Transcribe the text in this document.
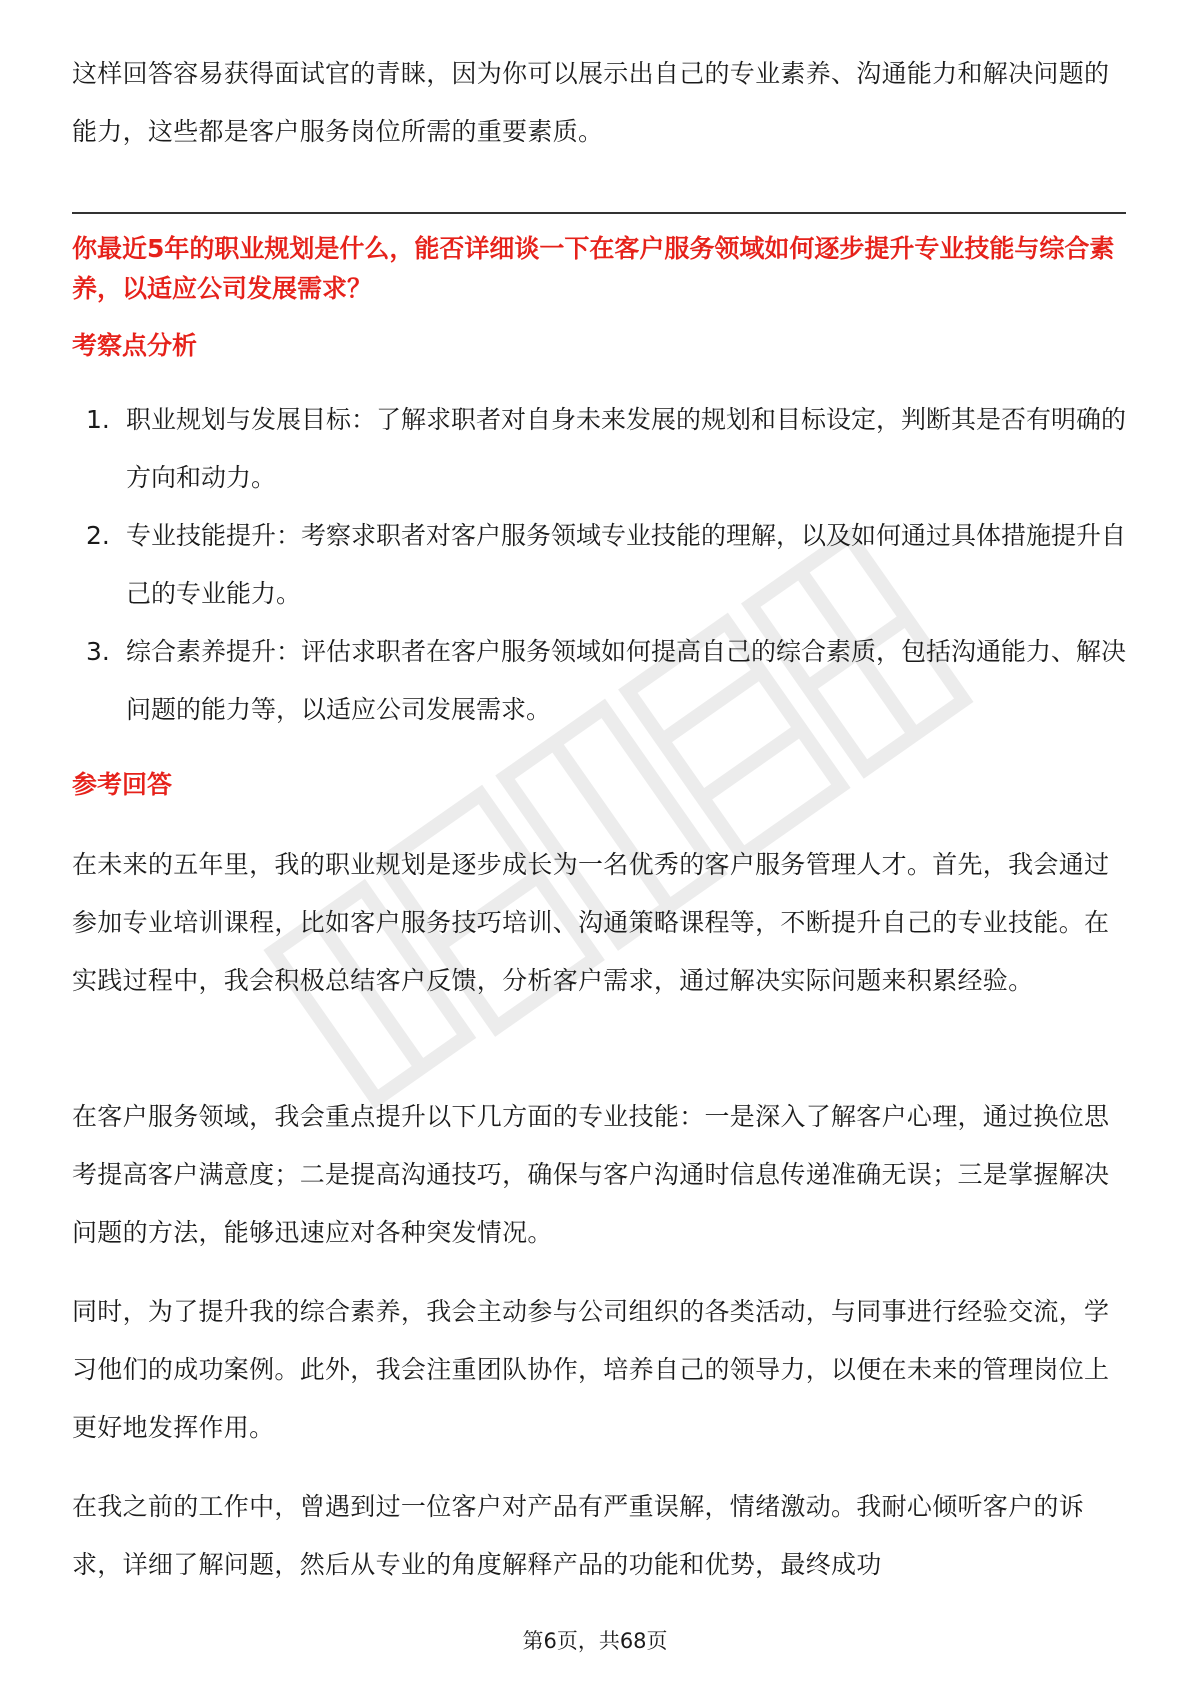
这样回答容易获得面试官的青睐，因为你可以展示出自己的专业素养、沟通能力和解决问题的能力，这些都是客户服务岗位所需的重要素质。

你最近5年的职业规划是什么，能否详细谈一下在客户服务领域如何逐步提升专业技能与综合素养，以适应公司发展需求？

考察点分析

1. 职业规划与发展目标：了解求职者对自身未来发展的规划和目标设定，判断其是否有明确的方向和动力。
2. 专业技能提升：考察求职者对客户服务领域专业技能的理解，以及如何通过具体措施提升自己的专业能力。
3. 综合素养提升：评估求职者在客户服务领域如何提高自己的综合素质，包括沟通能力、解决问题的能力等，以适应公司发展需求。

参考回答

在未来的五年里，我的职业规划是逐步成长为一名优秀的客户服务管理人才。首先，我会通过参加专业培训课程，比如客户服务技巧培训、沟通策略课程等，不断提升自己的专业技能。在实践过程中，我会积极总结客户反馈，分析客户需求，通过解决实际问题来积累经验。

在客户服务领域，我会重点提升以下几方面的专业技能：一是深入了解客户心理，通过换位思考提高客户满意度；二是提高沟通技巧，确保与客户沟通时信息传递准确无误；三是掌握解决问题的方法，能够迅速应对各种突发情况。

同时，为了提升我的综合素养，我会主动参与公司组织的各类活动，与同事进行经验交流，学习他们的成功案例。此外，我会注重团队协作，培养自己的领导力，以便在未来的管理岗位上更好地发挥作用。

在我之前的工作中，曾遇到过一位客户对产品有严重误解，情绪激动。我耐心倾听客户的诉求，详细了解问题，然后从专业的角度解释产品的功能和优势，最终成功

第6页，共68页
